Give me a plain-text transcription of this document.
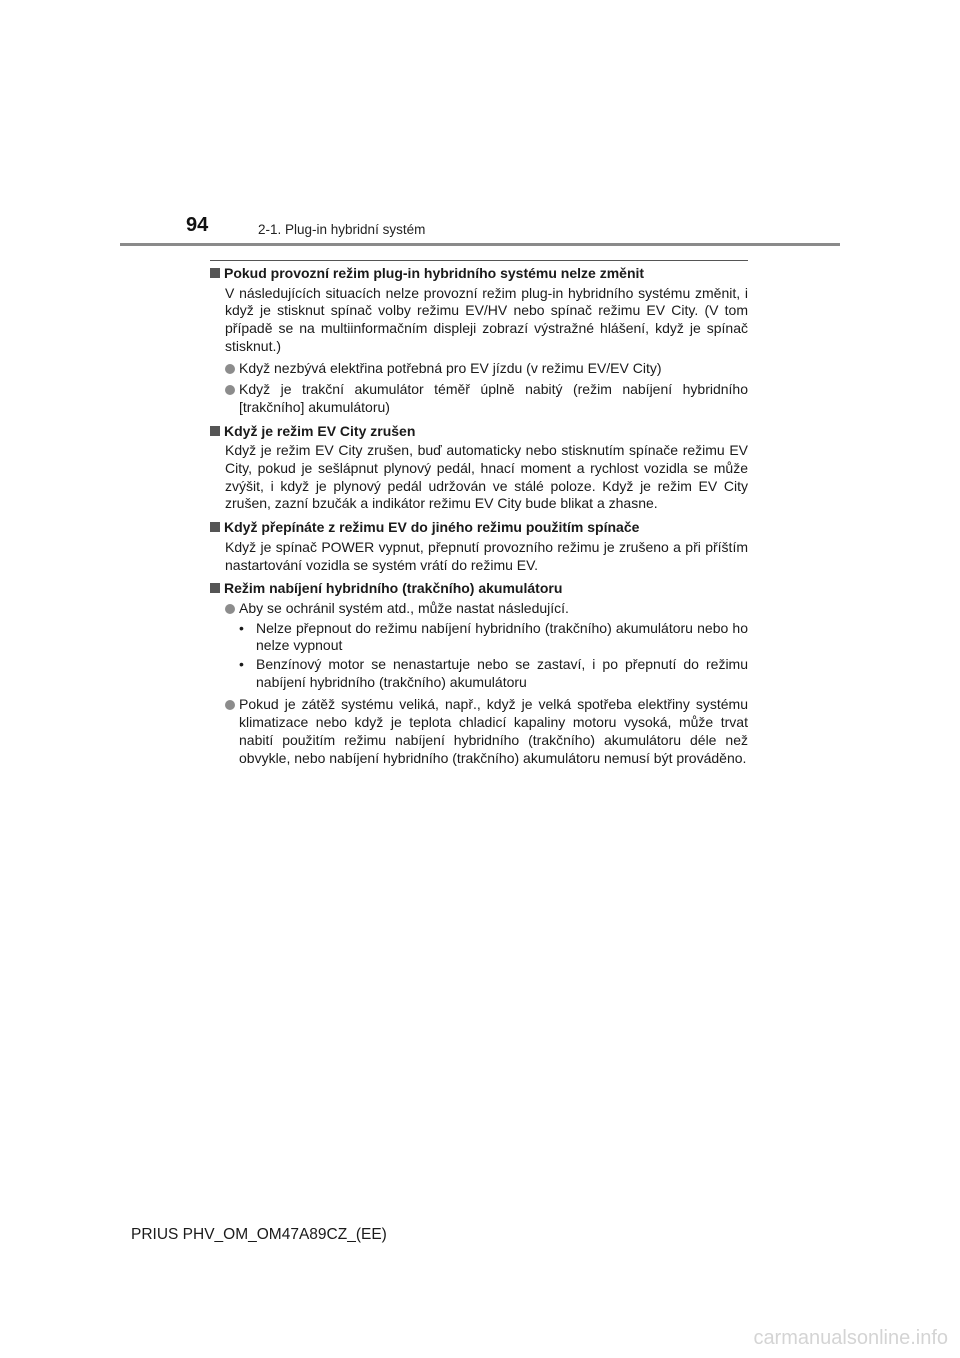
94	2-1. Plug-in hybridní systém
Pokud provozní režim plug-in hybridního systému nelze změnit
V následujících situacích nelze provozní režim plug-in hybridního systému změnit, i když je stisknut spínač volby režimu EV/HV nebo spínač režimu EV City. (V tom případě se na multiinformačním displeji zobrazí výstražné hlášení, když je spínač stisknut.)
Když nezbývá elektřina potřebná pro EV jízdu (v režimu EV/EV City)
Když je trakční akumulátor téměř úplně nabitý (režim nabíjení hybridního [trakčního] akumulátoru)
Když je režim EV City zrušen
Když je režim EV City zrušen, buď automaticky nebo stisknutím spínače režimu EV City, pokud je sešlápnut plynový pedál, hnací moment a rychlost vozidla se může zvýšit, i když je plynový pedál udržován ve stálé poloze. Když je režim EV City zrušen, zazní bzučák a indikátor režimu EV City bude blikat a zhasne.
Když přepínáte z režimu EV do jiného režimu použitím spínače
Když je spínač POWER vypnut, přepnutí provozního režimu je zrušeno a při příštím nastartování vozidla se systém vrátí do režimu EV.
Režim nabíjení hybridního (trakčního) akumulátoru
Aby se ochránil systém atd., může nastat následující.
• Nelze přepnout do režimu nabíjení hybridního (trakčního) akumulátoru nebo ho nelze vypnout
• Benzínový motor se nenastartuje nebo se zastaví, i po přepnutí do režimu nabíjení hybridního (trakčního) akumulátoru
Pokud je zátěž systému veliká, např., když je velká spotřeba elektřiny systému klimatizace nebo když je teplota chladicí kapaliny motoru vysoká, může trvat nabití použitím režimu nabíjení hybridního (trakčního) akumulátoru déle než obvykle, nebo nabíjení hybridního (trakčního) akumulátoru nemusí být prováděno.
PRIUS PHV_OM_OM47A89CZ_(EE)
carmanualsonline.info
